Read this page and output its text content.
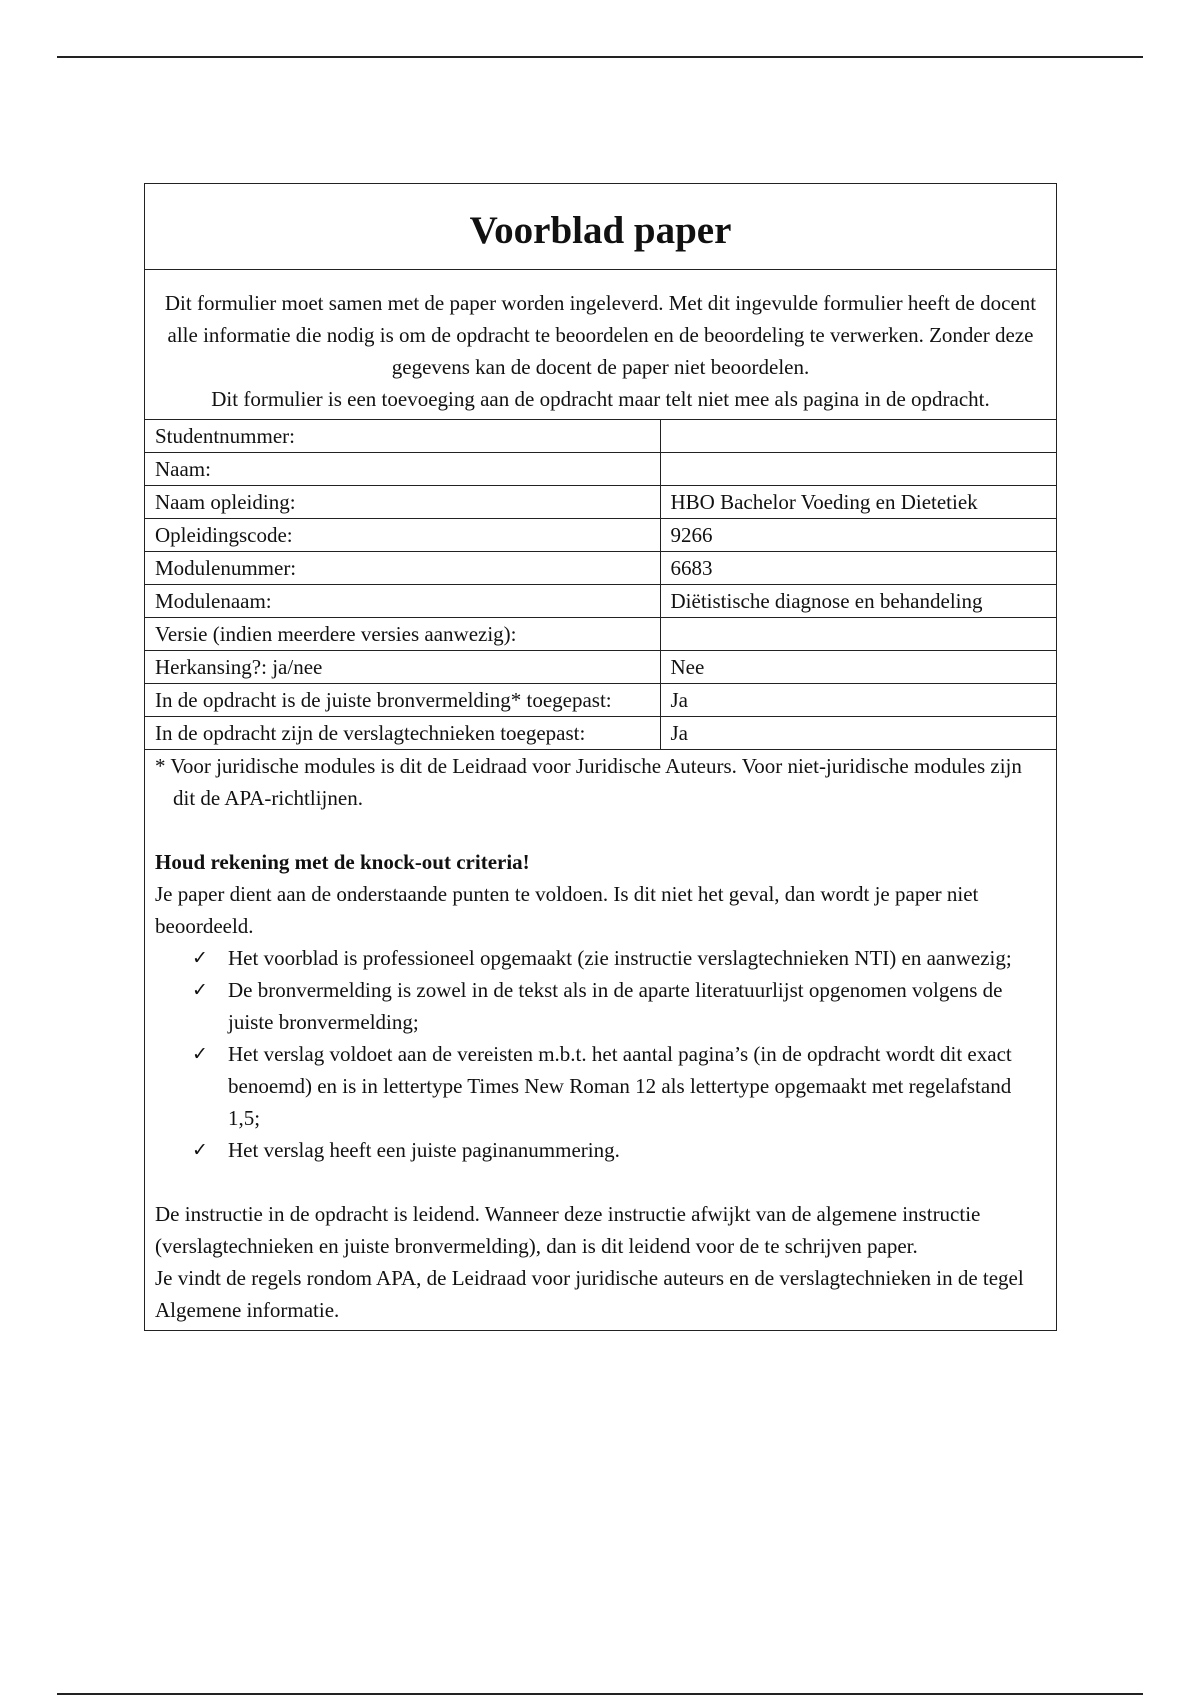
Voorblad paper

Dit formulier moet samen met de paper worden ingeleverd. Met dit ingevulde formulier heeft de docent alle informatie die nodig is om de opdracht te beoordelen en de beoordeling te verwerken. Zonder deze gegevens kan de docent de paper niet beoordelen.

Dit formulier is een toevoeging aan de opdracht maar telt niet mee als pagina in de opdracht.

Studentnummer:	
Naam:	
Naam opleiding:	HBO Bachelor Voeding en Dietetiek
Opleidingscode:	9266
Modulenummer:	6683
Modulenaam:	Diëtistische diagnose en behandeling
Versie (indien meerdere versies aanwezig):	
Herkansing?: ja/nee	Nee
In de opdracht is de juiste bronvermelding* toegepast:	Ja
In de opdracht zijn de verslagtechnieken toegepast:	Ja

* Voor juridische modules is dit de Leidraad voor Juridische Auteurs. Voor niet-juridische modules zijn dit de APA-richtlijnen.

Houd rekening met de knock-out criteria!

Je paper dient aan de onderstaande punten te voldoen. Is dit niet het geval, dan wordt je paper niet beoordeeld.

✓ Het voorblad is professioneel opgemaakt (zie instructie verslagtechnieken NTI) en aanwezig;
✓ De bronvermelding is zowel in de tekst als in de aparte literatuurlijst opgenomen volgens de juiste bronvermelding;
✓ Het verslag voldoet aan de vereisten m.b.t. het aantal pagina’s (in de opdracht wordt dit exact benoemd) en is in lettertype Times New Roman 12 als lettertype opgemaakt met regelafstand 1,5;
✓ Het verslag heeft een juiste paginanummering.

De instructie in de opdracht is leidend. Wanneer deze instructie afwijkt van de algemene instructie (verslagtechnieken en juiste bronvermelding), dan is dit leidend voor de te schrijven paper.

Je vindt de regels rondom APA, de Leidraad voor juridische auteurs en de verslagtechnieken in de tegel Algemene informatie.
